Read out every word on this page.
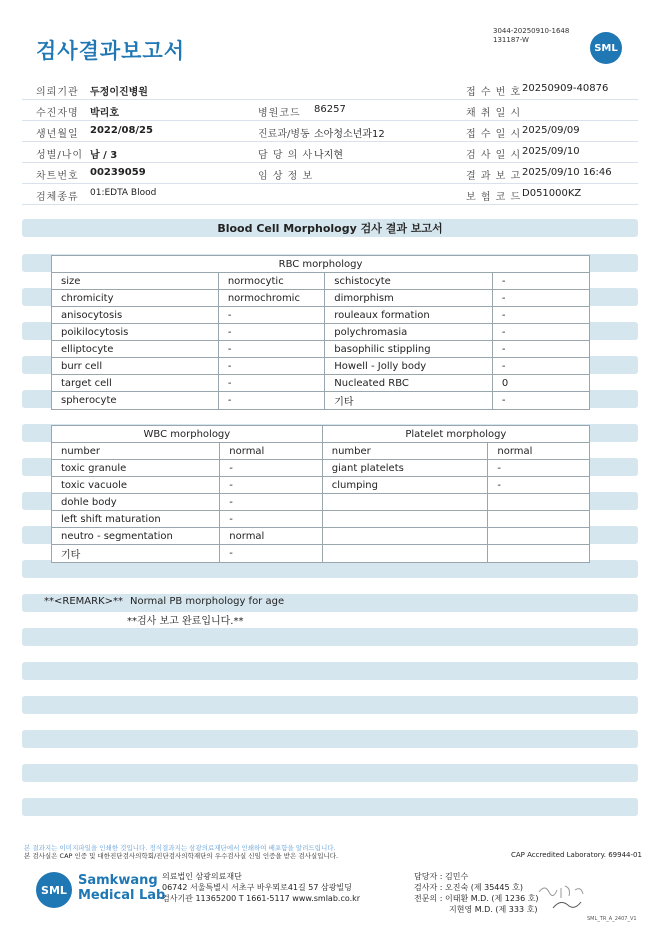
검사결과보고서
3044-20250910-1648
131187-W
SML
의뢰기관 두정이진병원	접 수 번 호 20250909-40876
수진자명 박리호	병원코드 86257	채 취 일 시
생년월일 2022/08/25	진료과/병동 소아청소년과12	접 수 일 시 2025/09/09
성별/나이 남 / 3	담 당 의 사 나지현	검 사 일 시 2025/09/10
차트번호 00239059	임 상 정 보	결 과 보 고 2025/09/10 16:46
검체종류 01:EDTA Blood	보 험 코 드 D051000KZ
Blood Cell Morphology 검사 결과 보고서
RBC morphology			
size	normocytic	schistocyte	-
chromicity	normochromic	dimorphism	-
anisocytosis	-	rouleaux formation	-
poikilocytosis	-	polychromasia	-
elliptocyte	-	basophilic stippling	-
burr cell	-	Howell - Jolly body	-
target cell	-	Nucleated RBC	0
spherocyte	-	기타	-
WBC morphology		Platelet morphology	
number	normal	number	normal
toxic granule	-	giant platelets	-
toxic vacuole	-	clumping	-
dohle body	-		
left shift maturation	-		
neutro - segmentation	normal		
기타	-		
**<REMARK>** Normal PB morphology for age
**검사 보고 완료입니다.**
본 결과지는 이미지파일을 인쇄한 것입니다. 정식결과지는 삼광의료재단에서 인쇄하여 배포함을 알려드립니다.
본 검사실은 CAP 인증 및 대한진단검사의학회/진단검사의학재단의 우수검사실 신임 인증을 받은 검사실입니다.	CAP Accredited Laboratory. 69944-01
SML
Samkwang
Medical Lab
의료법인 삼광의료재단
06742 서울특별시 서초구 바우뫼로41길 57 삼광빌딩
검사기관 11365200 T 1661-5117 www.smlab.co.kr
담당자 : 김민수
검사자 : 오진숙 (제 35445 호)
전문의 : 이태환 M.D. (제 1236 호)
지현영 M.D. (제 333 호)
SML_TR_A_2407_V1
